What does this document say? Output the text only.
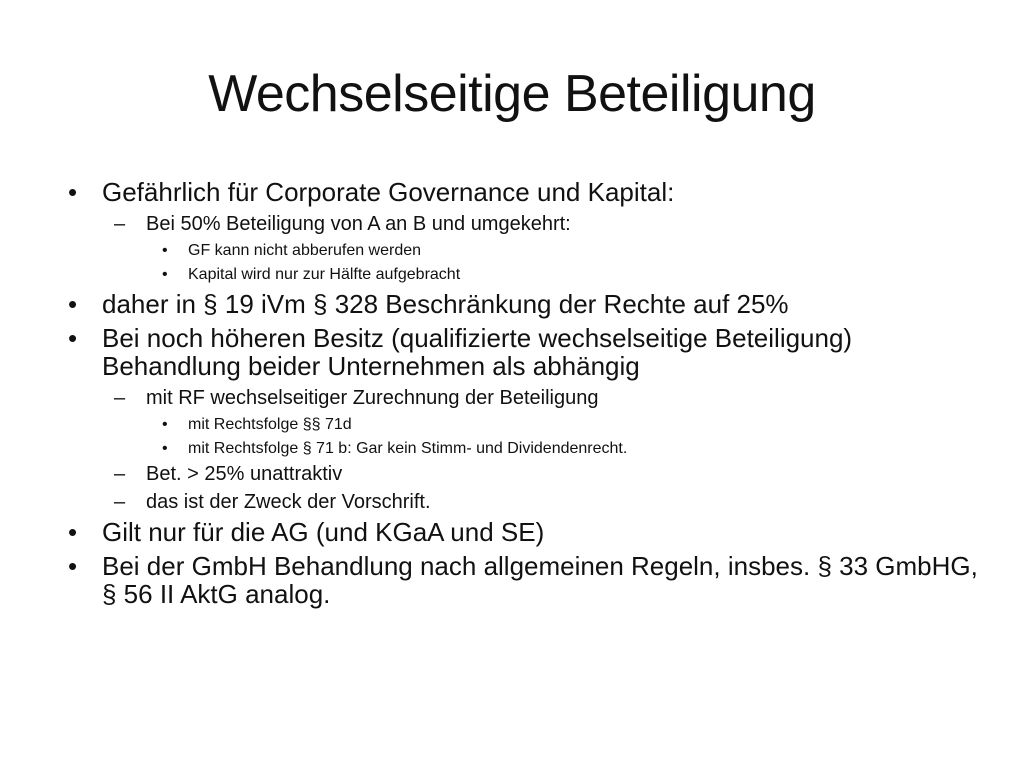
Wechselseitige Beteiligung
• Gefährlich für Corporate Governance und Kapital:
– Bei 50% Beteiligung von A an B und umgekehrt:
• GF kann nicht abberufen werden
• Kapital wird nur zur Hälfte aufgebracht
• daher in § 19 iVm § 328 Beschränkung der Rechte auf 25%
• Bei noch höheren Besitz (qualifizierte wechselseitige Beteiligung) Behandlung beider Unternehmen als abhängig
– mit RF wechselseitiger Zurechnung der Beteiligung
• mit Rechtsfolge §§ 71d
• mit Rechtsfolge § 71 b: Gar kein Stimm- und Dividendenrecht.
– Bet. > 25% unattraktiv
– das ist der Zweck der Vorschrift.
• Gilt nur für die AG (und KGaA und SE)
• Bei der GmbH Behandlung nach allgemeinen Regeln, insbes. § 33 GmbHG, § 56 II AktG analog.
